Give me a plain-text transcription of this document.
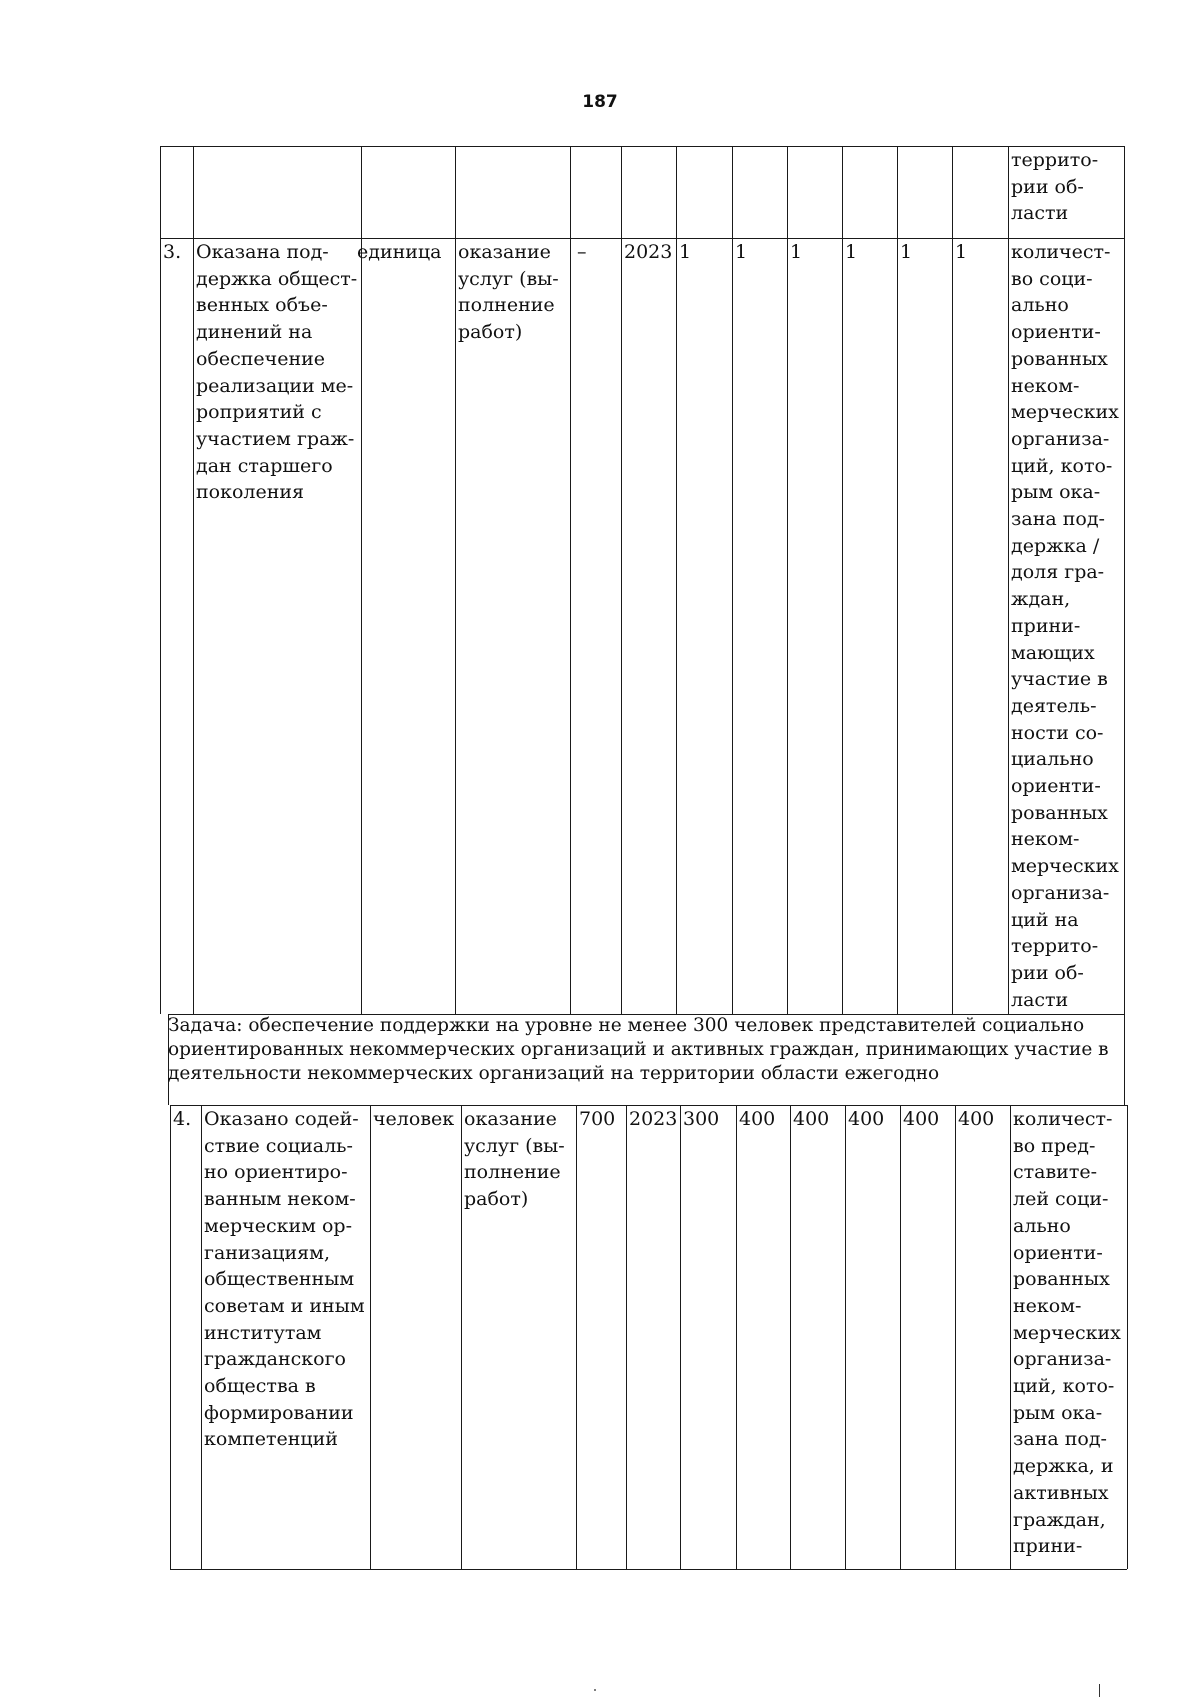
187
террито-
рии об-
ласти
3. Оказана под-
держка общест-
венных объе-
динений на
обеспечение
реализации ме-
роприятий с
участием граж-
дан старшего
поколения
единица оказание
услуг (вы-
полнение
работ)
– 2023 1 1 1 1 1 1 количест-
во соци-
ально
ориенти-
рованных
неком-
мерческих
организа-
ций, кото-
рым ока-
зана под-
держка /
доля гра-
ждан,
прини-
мающих
участие в
деятель-
ности со-
циально
ориенти-
рованных
неком-
мерческих
организа-
ций на
террито-
рии об-
ласти
Задача: обеспечение поддержки на уровне не менее 300 человек представителей социально
ориентированных некоммерческих организаций и активных граждан, принимающих участие в
деятельности некоммерческих организаций на территории области ежегодно
4. Оказано содей-
ствие социаль-
но ориентиро-
ванным неком-
мерческим ор-
ганизациям,
общественным
советам и иным
институтам
гражданского
общества в
формировании
компетенций
человек оказание
услуг (вы-
полнение
работ)
700 2023 300 400 400 400 400 400 количест-
во пред-
ставите-
лей соци-
ально
ориенти-
рованных
неком-
мерческих
организа-
ций, кото-
рым ока-
зана под-
держка, и
активных
граждан,
прини-
